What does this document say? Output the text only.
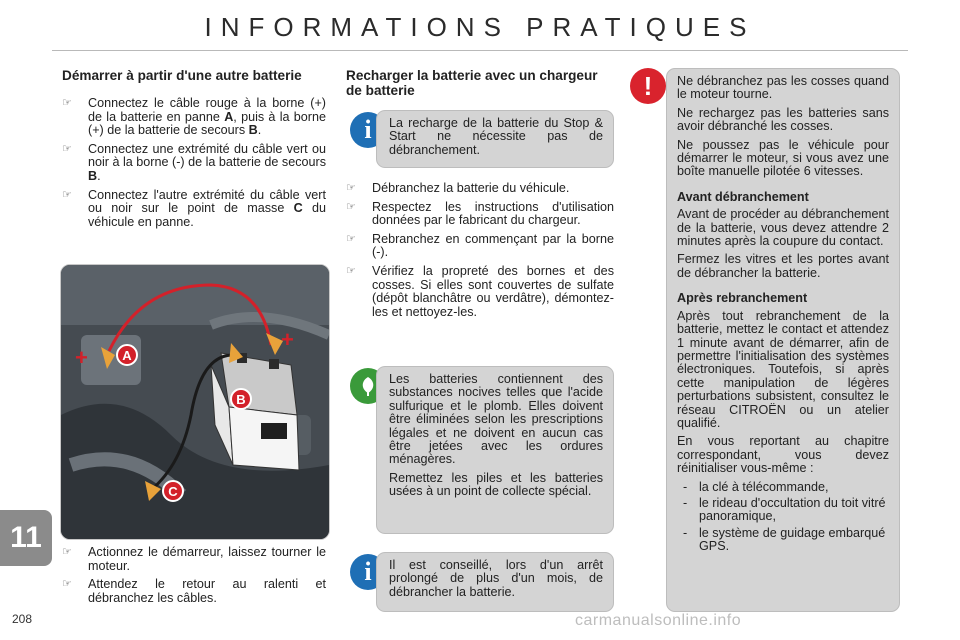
INFORMATIONS PRATIQUES
Démarrer à partir d'une autre batterie
☞ Connectez le câble rouge à la borne (+) de la batterie en panne A, puis à la borne (+) de la batterie de secours B.
☞ Connectez une extrémité du câble vert ou noir à la borne (-) de la batterie de secours B.
☞ Connectez l'autre extrémité du câble vert ou noir sur le point de masse C du véhicule en panne.
+
+
A
B
C
☞ Actionnez le démarreur, laissez tourner le moteur.
☞ Attendez le retour au ralenti et débranchez les câbles.
Recharger la batterie avec un chargeur de batterie
i	La recharge de la batterie du Stop & Start ne nécessite pas de débranchement.

☞ Débranchez la batterie du véhicule.
☞ Respectez les instructions d'utilisation données par le fabricant du chargeur.
☞ Rebranchez en commençant par la borne (-).
☞ Vérifiez la propreté des bornes et des cosses. Si elles sont couvertes de sulfate (dépôt blanchâtre ou verdâtre), démontez-les et nettoyez-les.

Les batteries contiennent des substances nocives telles que l'acide sulfurique et le plomb. Elles doivent être éliminées selon les prescriptions légales et ne doivent en aucun cas être jetées avec les ordures ménagères.

Remettez les piles et les batteries usées à un point de collecte spécial.

i	Il est conseillé, lors d'un arrêt prolongé de plus d'un mois, de débrancher la batterie.

!	Ne débranchez pas les cosses quand le moteur tourne.

Ne rechargez pas les batteries sans avoir débranché les cosses.

Ne poussez pas le véhicule pour démarrer le moteur, si vous avez une boîte manuelle pilotée 6 vitesses.

Avant débranchement

Avant de procéder au débranchement de la batterie, vous devez attendre 2 minutes après la coupure du contact.

Fermez les vitres et les portes avant de débrancher la batterie.

Après rebranchement

Après tout rebranchement de la batterie, mettez le contact et attendez 1 minute avant de démarrer, afin de permettre l'initialisation des systèmes électroniques. Toutefois, si après cette manipulation de légères perturbations subsistent, consultez le réseau CITROËN ou un atelier qualifié.

En vous reportant au chapitre correspondant, vous devez réinitialiser vous-même :

- la clé à télécommande,
- le rideau d'occultation du toit vitré panoramique,
- le système de guidage embarqué GPS.
11
208	carmanualsonline.info
